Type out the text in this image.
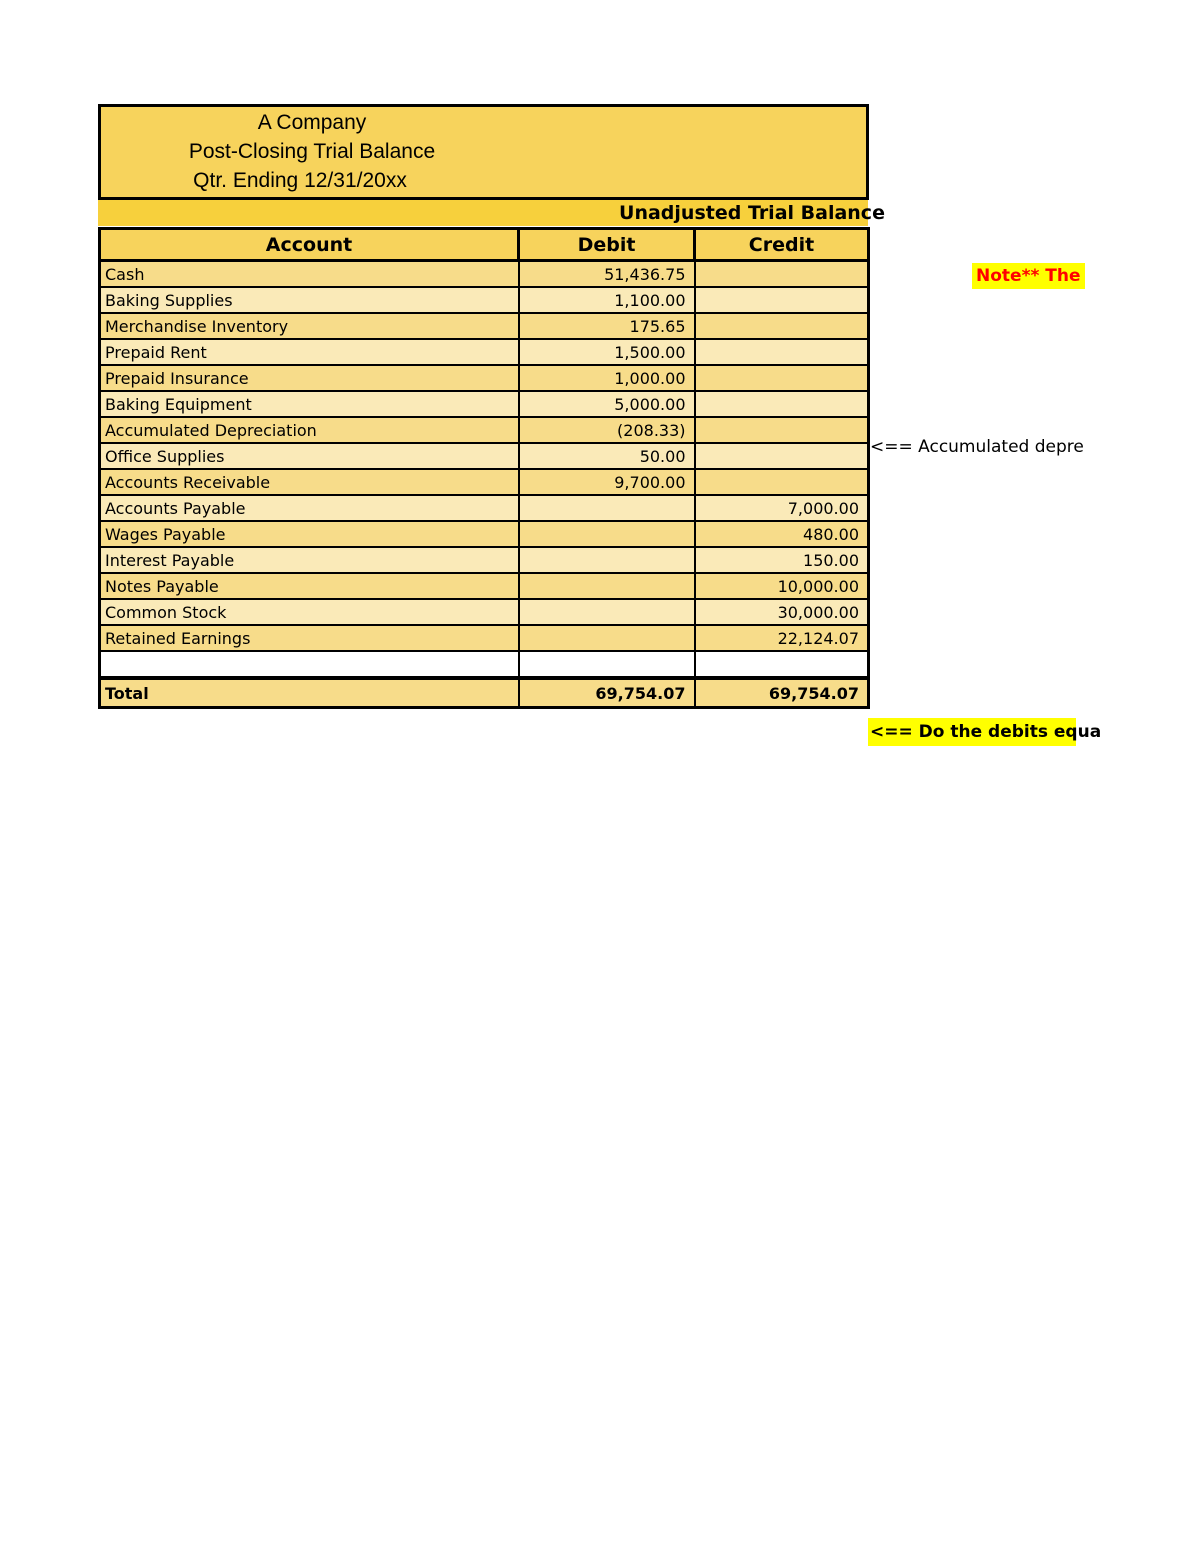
A Company
Post-Closing Trial Balance
Qtr. Ending 12/31/20xx
Unadjusted Trial Balance
Account	Debit	Credit
Cash	51,436.75	
Baking Supplies	1,100.00	
Merchandise Inventory	175.65	
Prepaid Rent	1,500.00	
Prepaid Insurance	1,000.00	
Baking Equipment	5,000.00	
Accumulated Depreciation	(208.33)	
Office Supplies	50.00	
Accounts Receivable	9,700.00	
Accounts Payable		7,000.00
Wages Payable		480.00
Interest Payable		150.00
Notes Payable		10,000.00
Common Stock		30,000.00
Retained Earnings		22,124.07

Total	69,754.07	69,754.07
Note** The
<== Accumulated depre
<== Do the debits equa
